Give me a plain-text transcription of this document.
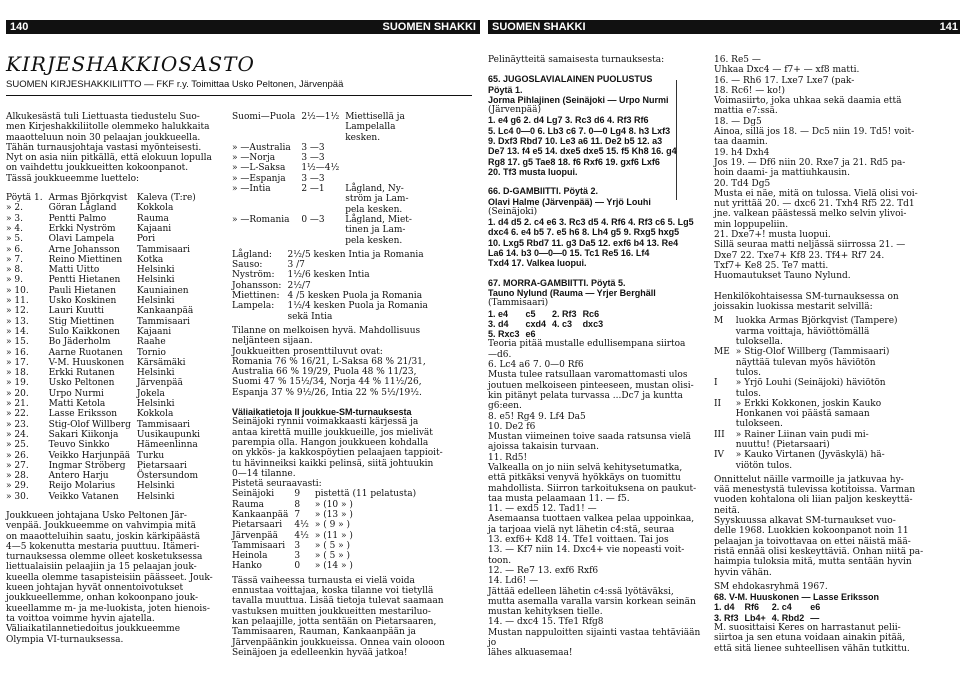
140	SUOMEN SHAKKI SUOMEN SHAKKI	141
KIRJESHAKKIOSASTO
SUOMEN KIRJESHAKKILIITTO — FKF r.y. Toimittaa Usko Peltonen, Järvenpää

Alkukesästä tuli Liettuasta tiedustelu Suo-

men Kirjeshakkiliitolle olemmeko halukkaita

maaotteluun noin 30 pelaajan joukkueella.

Tähän turnausjohtaja vastasi myönteisesti.

Nyt on asia niin pitkällä, että elokuun lopulla

on vaihdettu joukkueitten kokoonpanot.

Tässä joukkueemme luettelo:

Pöytä 1.	Armas Björkqvist	Kaleva (T:re)
» 2.	Göran Lågland	Kokkola
» 3.	Pentti Palmo	Rauma
» 4.	Erkki Nyström	Kajaani
» 5.	Olavi Lampela	Pori
» 6.	Arne Johansson	Tammisaari
» 7.	Reino Miettinen	Kotka
» 8.	Matti Uitto	Helsinki
» 9.	Pentti Hietanen	Helsinki
» 10.	Pauli Hietanen	Kauniainen
» 11.	Usko Koskinen	Helsinki
» 12.	Lauri Kuutti	Kankaanpää
» 13.	Stig Miettinen	Tammisaari
» 14.	Sulo Kaikkonen	Kajaani
» 15.	Bo Jäderholm	Raahe
» 16.	Aarne Ruotanen	Tornio
» 17.	V-M. Huuskonen	Kärsämäki
» 18.	Erkki Rutanen	Helsinki
» 19.	Usko Peltonen	Järvenpää
» 20.	Urpo Nurmi	Jokela
» 21.	Matti Ketola	Helsinki
» 22.	Lasse Eriksson	Kokkola
» 23.	Stig-Olof Willberg	Tammisaari
» 24.	Sakari Kiikonja	Uusikaupunki
» 25.	Teuvo Sinkko	Hämeenlinna
» 26.	Veikko Harjunpää	Turku
» 27.	Ingmar Ströberg	Pietarsaari
» 28.	Antero Harju	Östersundom
» 29.	Reijo Molarius	Helsinki
» 30.	Veikko Vatanen	Helsinki

Joukkueen johtajana Usko Peltonen Jär-

venpää. Joukkueemme on vahvimpia mitä

on maaotteluihin saatu, joskin kärkipäästä

4—5 kokenutta mestaria puuttuu. Itämeri-

turnauksessa olemme olleet kosketuksessa

liettualaisiin pelaajiin ja 15 pelaajan jouk-

kueella olemme tasapisteisiin päässeet. Jouk-

kueen johtajan hyvät onnentoivotukset

joukkueellemme, onhan kokoonpano jouk-

kueellamme m- ja me-luokista, joten hienois-

ta voittoa voimme hyvin ajatella.

Väliaikatilannetiedoitus joukkueemme

Olympia VI-turnauksessa.

Suomi—Puola	2½—1½	Miettisellä ja
		Lampelalla
		kesken.
» —Australia	3 —3	
» —Norja	3 —3	
» —L-Saksa	1½—4½	
» —Espanja	3 —3	
» —Intia	2 —1	Lågland, Ny-
		ström ja Lam-
		pela kesken.
» —Romania	0 —3	Lågland, Miet-
		tinen ja Lam-
		pela kesken.
Lågland:	2½/5 kesken Intia ja Romania
Sauso:	3 /7
Nyström:	1½/6 kesken Intia
Johansson:	2½/7
Miettinen:	4 /5 kesken Puola ja Romania
Lampela:	1½/4 kesken Puola ja Romania
	sekä Intia

Tilanne on melkoisen hyvä. Mahdollisuus

neljänteen sijaan.

Joukkueitten prosenttiluvut ovat:

Romania 76 % 16/21, L-Saksa 68 % 21/31,

Australia 66 % 19/29, Puola 48 % 11/23,

Suomi 47 % 15½/34, Norja 44 % 11½/26,

Espanja 37 % 9½/26, Intia 22 % 5½/19½.

Väliaikatietoja II joukkue-SM-turnauksesta

Seinäjoki rynnii voimakkaasti kärjessä ja

antaa kirettä muille joukkueille, jos mielivät

parempia olla. Hangon joukkueen kohdalla

on ykkös- ja kakkospöytien pelaajaen tappioit-

tu hävinneiksi kaikki pelinsä, siitä johtuukin

0—14 tilanne.

Pistetä seuraavasti:

Seinäjoki	9	pistettä (11 pelatusta)
Rauma	8	» (10 » )
Kankaanpää	7	» (13 » )
Pietarsaari	4½	» ( 9 » )
Järvenpää	4½	» (11 » )
Tammisaari	3	» ( 5 » )
Heinola	3	» ( 5 » )
Hanko	0	» (14 » )

Tässä vaiheessa turnausta ei vielä voida

ennustaa voittajaa, koska tilanne voi tietyllä

tavalla muuttua. Lisää tietoja tulevat saamaan

vastuksen muitten joukkueitten mestariluo-

kan pelaajille, jotta sentään on Pietarsaaren,

Tammisaaren, Rauman, Kankaanpään ja

Järvenpäänkin joukkueissa. Onnea vain olooon

Seinäjoen ja edelleenkin hyvää jatkoa!

Pelinäytteitä samaisesta turnauksesta:

65. JUGOSLAVIALAINEN PUOLUSTUS

Pöytä 1.

Jorma Pihlajinen (Seinäjoki — Urpo Nurmi

(Järvenpää)

1. e4 g6 2. d4 Lg7 3. Rc3 d6 4. Rf3 Rf6

5. Lc4 0—0 6. Lb3 c6 7. 0—0 Lg4 8. h3 Lxf3

9. Dxf3 Rbd7 10. Le3 a6 11. De2 b5 12. a3

De7 13. f4 e5 14. dxe5 dxe5 15. f5 Kh8 16. g4

Rg8 17. g5 Tae8 18. f6 Rxf6 19. gxf6 Lxf6

20. Tf3 musta luopui.

66. D-GAMBIITTI. Pöytä 2.

Olavi Halme (Järvenpää) — Yrjö Louhi

(Seinäjoki)

1. d4 d5 2. c4 e6 3. Rc3 d5 4. Rf6 4. Rf3 c6 5. Lg5

dxc4 6. e4 b5 7. e5 h6 8. Lh4 g5 9. Rxg5 hxg5

10. Lxg5 Rbd7 11. g3 Da5 12. exf6 b4 13. Re4

La6 14. b3 0—0—0 15. Tc1 Re5 16. Lf4

Txd4 17. Valkea luopui.

67. MORRA-GAMBIITTI. Pöytä 5.

Tauno Nylund (Rauma — Yrjer Berghäll

(Tammisaari)

1. e4	c5	2. Rf3	Rc6
3. d4	cxd4	4. c3	dxc3
5. Rxc3	e6		

Teoria pitää mustalle edullisempana siirtoa

—d6.

6. Lc4 a6 7. 0—0 Rf6

Musta tulee ratsullaan varomattomasti ulos

joutuen melkoiseen pinteeseen, mustan olisi-

kin pitänyt pelata turvassa ...Dc7 ja kuntta

g6:een.

8. e5! Rg4 9. Lf4 Da5

10. De2 f6

Mustan viimeinen toive saada ratsunsa vielä

ajoissa takaisin turvaan.

11. Rd5!

Valkealla on jo niin selvä kehitysetumatka,

että pitkäksi venyvä hyökkäys on tuomittu

mahdollista. Siirron tarkoituksena on paukut-

taa musta pelaamaan 11. — f5.

11. — exd5 12. Tad1! —

Asemaansa tuottaen valkea pelaa uppoinkaa,

ja tarjoaa vielä nyt lähetin c4:stä, seuraa

13. exf6+ Kd8 14. Tfe1 voittaen. Tai jos

13. — Kf7 niin 14. Dxc4+ vie nopeasti voit-

toon.

12. — Re7 13. exf6 Rxf6

14. Ld6! —

Jättää edelleen lähetin c4:ssä lyötäväksi,

mutta asemalla varalla varsin korkean seinän

mustan kehityksen tielle.

14. — dxc4 15. Tfe1 Rfg8

Mustan nappuloitten sijainti vastaa tehtäviään jo

lähes alkuasemaa!

16. Re5 —

Uhkaa Dxc4 — f7+ — xf8 matti.

16. — Rh6 17. Lxe7 Lxe7 (pak-

18. Rc6! — ko!)

Voimasiirto, joka uhkaa sekä daamia että

mattia e7:ssä.

18. — Dg5

Ainoa, sillä jos 18. — Dc5 niin 19. Td5! voit-

taa daamin.

19. h4 Dxh4

Jos 19. — Df6 niin 20. Rxe7 ja 21. Rd5 pa-

hoin daami- ja mattiuhkausin.

20. Td4 Dg5

Musta ei näe, mitä on tulossa. Vielä olisi voi-

nut yrittää 20. — dxc6 21. Txh4 Rf5 22. Td1

jne. valkean päästessä melko selvin ylivoi-

min loppupeliin.

21. Dxe7+! musta luopui.

Sillä seuraa matti neljässä siirrossa 21. —

Dxe7 22. Txe7+ Kf8 23. Tf4+ Rf7 24.

Txf7+ Ke8 25. Te7 matti.

Huomautukset Tauno Nylund.

Henkilökohtaisessa SM-turnauksessa on

joissakin luokissa mestarit selvillä:

M	luokka Armas Björkqvist (Tampere)
	varma voittaja, häviöttömällä
	tuloksella.
ME	» Stig-Olof Willberg (Tammisaari)
	näyttää tulevan myös häviötön
	tulos.
I	» Yrjö Louhi (Seinäjoki) häviötön
	tulos.
II	» Erkki Kokkonen, joskin Kauko
	Honkanen voi päästä samaan
	tulokseen.
III	» Rainer Liinan vain pudi mi-
	nuuttu! (Pietarsaari)
IV	» Kauko Virtanen (Jyväskylä) hä-
	viötön tulos.

Onnittelut näille varmoille ja jatkuvaa hy-

vää menestystä tulevissa kotitoissa. Varman

vuoden kohtalona oli liian paljon keskeyttä-

neitä.

Syyskuussa alkavat SM-turnaukset vuo-

delle 1968. Luokkien kokoonpanot noin 11

pelaajan ja toivottavaa on ettei näistä mää-

ristä ennää olisi keskeyttäviä. Onhan niitä pa-

haimpia tuloksia mitä, mutta sentään hyvin

hyvin vähän.

SM ehdokasryhmä 1967.

68. V-M. Huuskonen — Lasse Eriksson

1. d4	Rf6	2. c4	e6
3. Rf3	Lb4+	4. Rbd2	—

M. suosittaisi Keres on harrastanut pelii-

siirtoa ja sen etuna voidaan ainakin pitää,

että sitä lienee suhteellisen vähän tutkittu.
